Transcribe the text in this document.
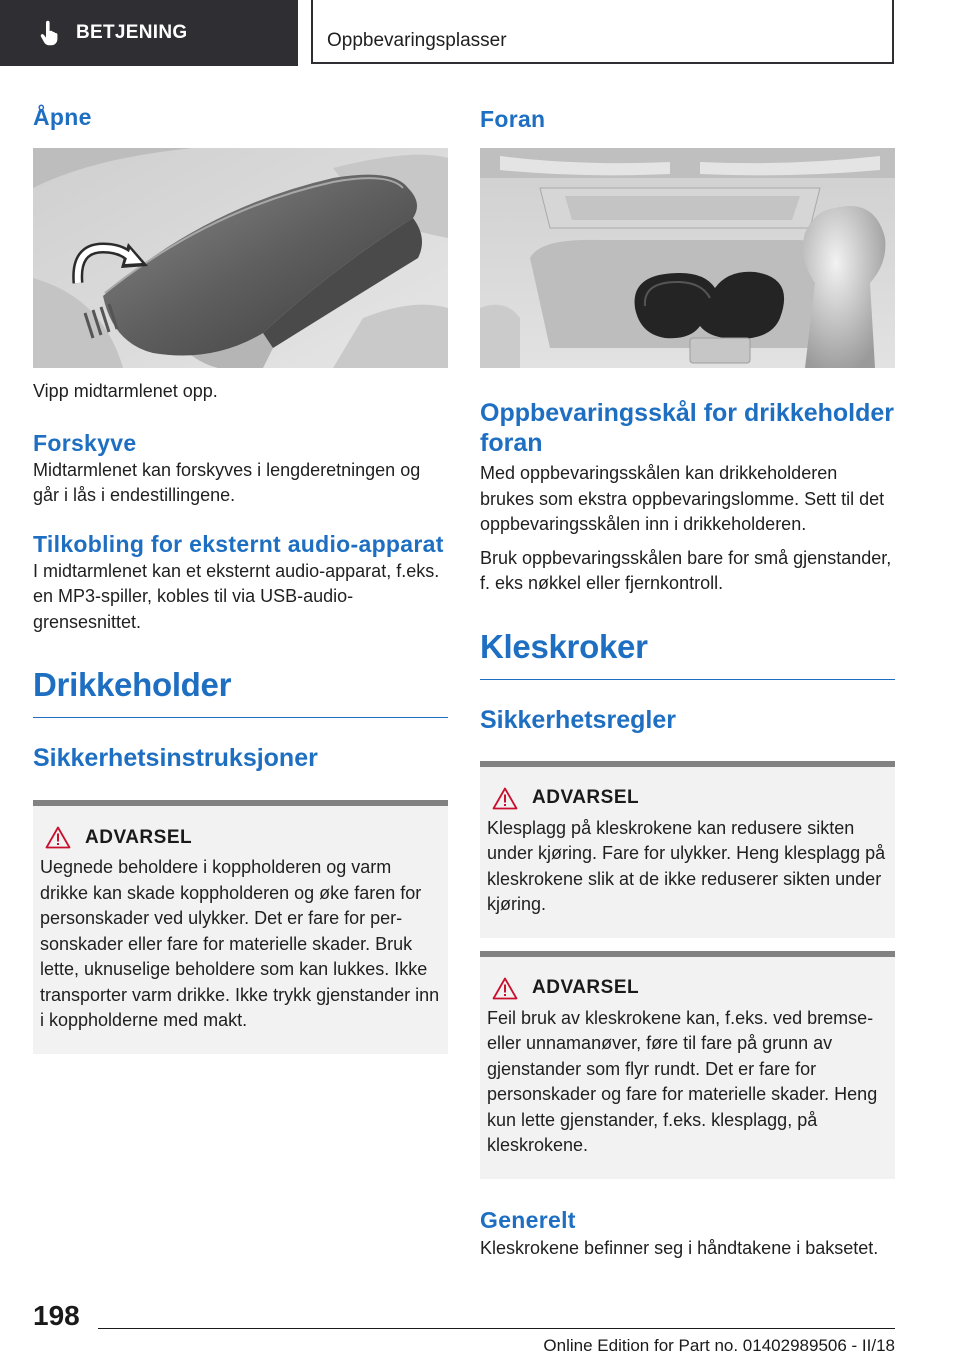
BETJENING	Oppbevaringsplasser
Åpne

Vipp midtarmlenet opp.

Forskyve

Midtarmlenet kan forskyves i lengderetningen og går i lås i endestillingene.

Tilkobling for eksternt audio-apparat

I midtarmlenet kan et eksternt audio-apparat, f.eks. en MP3-spiller, kobles til via USB-audio-grensesnittet.

Drikkeholder
Sikkerhetsinstruksjoner
ADVARSEL

Uegnede beholdere i koppholderen og varm drikke kan skade koppholderen og øke faren for personskader ved ulykker. Det er fare for personskader eller fare for materielle skader. Bruk lette, uknuselige beholdere som kan lukkes. Ikke transporter varm drikke. Ikke trykk gjenstander inn i koppholderne med makt.

Foran
Oppbevaringsskål for drikkeholder foran

Med oppbevaringsskålen kan drikkeholderen brukes som ekstra oppbevaringslomme. Sett til det oppbevaringsskålen inn i drikkeholderen.

Bruk oppbevaringsskålen bare for små gjenstander, f. eks nøkkel eller fjernkontroll.

Kleskroker
Sikkerhetsregler
ADVARSEL

Klesplagg på kleskrokene kan redusere sikten under kjøring. Fare for ulykker. Heng klesplagg på kleskrokene slik at de ikke reduserer sikten under kjøring.

ADVARSEL

Feil bruk av kleskrokene kan, f.eks. ved bremse- eller unnamanøver, føre til fare på grunn av gjenstander som flyr rundt. Det er fare for personskader og fare for materielle skader. Heng kun lette gjenstander, f.eks. klesplagg, på kleskrokene.

Generelt

Kleskrokene befinner seg i håndtakene i baksetet.

198
Online Edition for Part no. 01402989506 - II/18
